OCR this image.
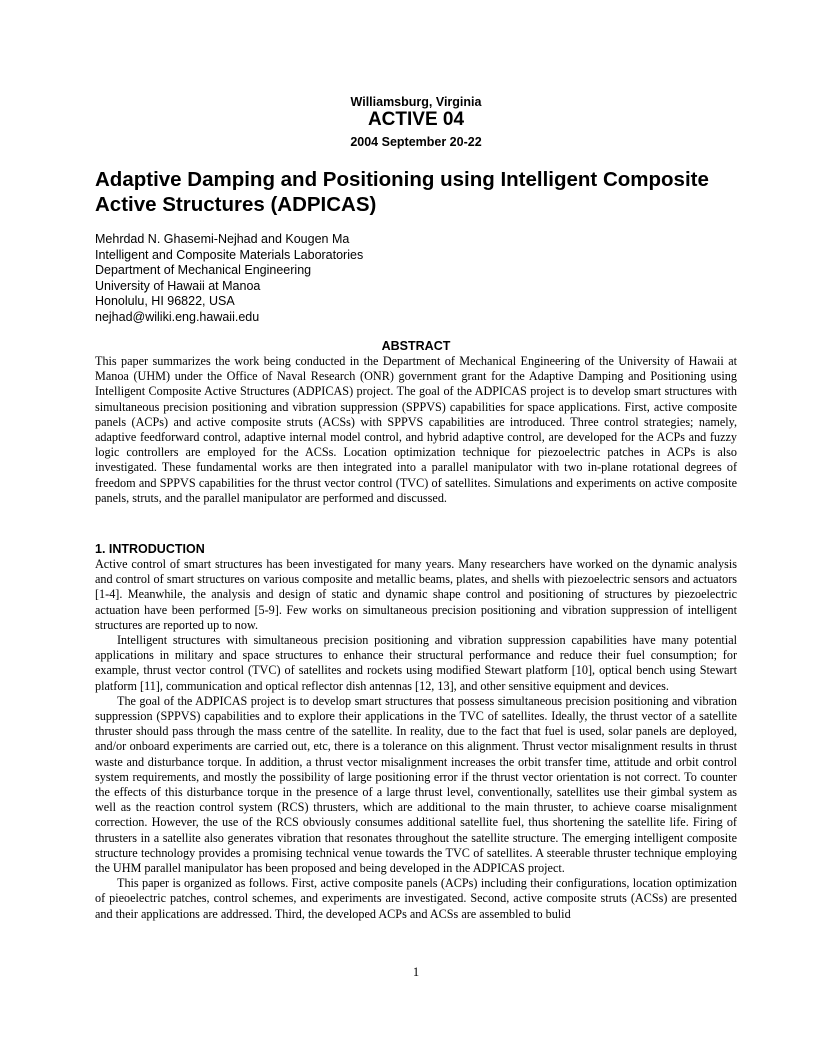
Williamsburg, Virginia
ACTIVE 04
2004 September 20-22
Adaptive Damping and Positioning using Intelligent Composite Active Structures (ADPICAS)
Mehrdad N. Ghasemi-Nejhad and Kougen Ma
Intelligent and Composite Materials Laboratories
Department of Mechanical Engineering
University of Hawaii at Manoa
Honolulu, HI 96822, USA
nejhad@wiliki.eng.hawaii.edu
ABSTRACT
This paper summarizes the work being conducted in the Department of Mechanical Engineering of the University of Hawaii at Manoa (UHM) under the Office of Naval Research (ONR) government grant for the Adaptive Damping and Positioning using Intelligent Composite Active Structures (ADPICAS) project. The goal of the ADPICAS project is to develop smart structures with simultaneous precision positioning and vibration suppression (SPPVS) capabilities for space applications. First, active composite panels (ACPs) and active composite struts (ACSs) with SPPVS capabilities are introduced. Three control strategies; namely, adaptive feedforward control, adaptive internal model control, and hybrid adaptive control, are developed for the ACPs and fuzzy logic controllers are employed for the ACSs. Location optimization technique for piezoelectric patches in ACPs is also investigated. These fundamental works are then integrated into a parallel manipulator with two in-plane rotational degrees of freedom and SPPVS capabilities for the thrust vector control (TVC) of satellites. Simulations and experiments on active composite panels, struts, and the parallel manipulator are performed and discussed.
1. INTRODUCTION

Active control of smart structures has been investigated for many years. Many researchers have worked on the dynamic analysis and control of smart structures on various composite and metallic beams, plates, and shells with piezoelectric sensors and actuators [1-4]. Meanwhile, the analysis and design of static and dynamic shape control and positioning of structures by piezoelectric actuation have been performed [5-9]. Few works on simultaneous precision positioning and vibration suppression of intelligent structures are reported up to now.

Intelligent structures with simultaneous precision positioning and vibration suppression capabilities have many potential applications in military and space structures to enhance their structural performance and reduce their fuel consumption; for example, thrust vector control (TVC) of satellites and rockets using modified Stewart platform [10], optical bench using Stewart platform [11], communication and optical reflector dish antennas [12, 13], and other sensitive equipment and devices.

The goal of the ADPICAS project is to develop smart structures that possess simultaneous precision positioning and vibration suppression (SPPVS) capabilities and to explore their applications in the TVC of satellites. Ideally, the thrust vector of a satellite thruster should pass through the mass centre of the satellite. In reality, due to the fact that fuel is used, solar panels are deployed, and/or onboard experiments are carried out, etc, there is a tolerance on this alignment. Thrust vector misalignment results in thrust waste and disturbance torque. In addition, a thrust vector misalignment increases the orbit transfer time, attitude and orbit control system requirements, and mostly the possibility of large positioning error if the thrust vector orientation is not correct. To counter the effects of this disturbance torque in the presence of a large thrust level, conventionally, satellites use their gimbal system as well as the reaction control system (RCS) thrusters, which are additional to the main thruster, to achieve coarse misalignment correction. However, the use of the RCS obviously consumes additional satellite fuel, thus shortening the satellite life. Firing of thrusters in a satellite also generates vibration that resonates throughout the satellite structure. The emerging intelligent composite structure technology provides a promising technical venue towards the TVC of satellites. A steerable thruster technique employing the UHM parallel manipulator has been proposed and being developed in the ADPICAS project.

This paper is organized as follows. First, active composite panels (ACPs) including their configurations, location optimization of pieoelectric patches, control schemes, and experiments are investigated. Second, active composite struts (ACSs) are presented and their applications are addressed. Third, the developed ACPs and ACSs are assembled to bulid

1
